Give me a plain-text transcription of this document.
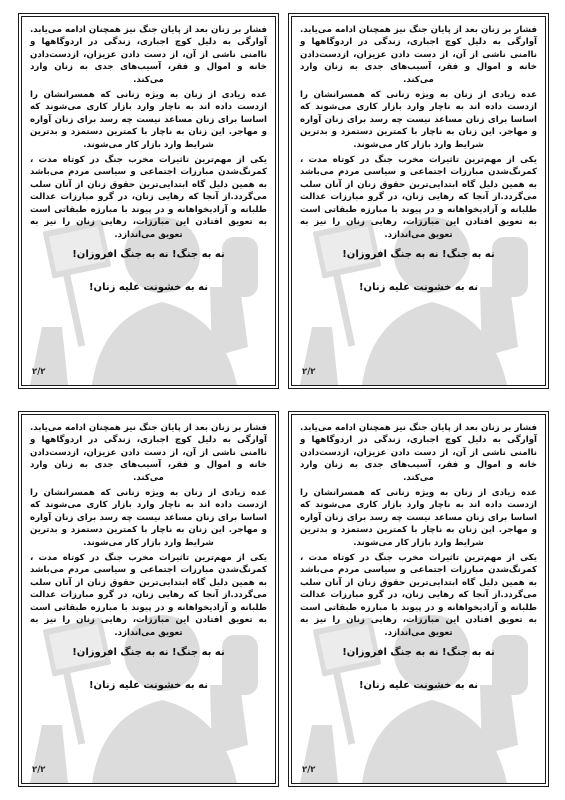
فشار بر زنان بعد از پایان جنگ نیز همچنان ادامه می‌یابد. آوارگی به دلیل کوچ اجباری، زندگی در اردوگاهها و ناامنی ناشی از آن، از دست دادن عزیزان، ازدست‌دادن خانه و اموال و فقر، آسیب‌های جدی به زنان وارد می‌کند.

عده زیادی از زنان به ویژه زنانی که همسرانشان را ازدست داده اند به ناچار وارد بازار کاری می‌شوند که اساسا برای زنان مساعد نیست چه رسد برای زنان آواره و مهاجر. این زنان به ناچار با کمترین دستمزد و بدترین شرایط وارد بازار کار می‌شوند.

یکی از مهم‌ترین تاثیرات مخرب جنگ در کوتاه مدت ، کمرنگ‌شدن مبارزات اجتماعی و سیاسی مردم می‌باشد به همین دلیل گاه ابتدایی‌ترین حقوق زنان از آنان سلب می‌گردد.از آنجا که رهایی زنان، در گرو مبارزات عدالت طلبانه و آزادیخواهانه و در پیوند با مبارزه طبقاتی است به تعویق افتادن این مبارزات، رهایی زنان را نیز به تعویق می‌اندازد.

نه به جنگ! نه به جنگ افروزان!
نه به خشونت علیه زنان!
۲/۲

فشار بر زنان بعد از پایان جنگ نیز همچنان ادامه می‌یابد. آوارگی به دلیل کوچ اجباری، زندگی در اردوگاهها و ناامنی ناشی از آن، از دست دادن عزیزان، ازدست‌دادن خانه و اموال و فقر، آسیب‌های جدی به زنان وارد می‌کند.

عده زیادی از زنان به ویژه زنانی که همسرانشان را ازدست داده اند به ناچار وارد بازار کاری می‌شوند که اساسا برای زنان مساعد نیست چه رسد برای زنان آواره و مهاجر. این زنان به ناچار با کمترین دستمزد و بدترین شرایط وارد بازار کار می‌شوند.

یکی از مهم‌ترین تاثیرات مخرب جنگ در کوتاه مدت ، کمرنگ‌شدن مبارزات اجتماعی و سیاسی مردم می‌باشد به همین دلیل گاه ابتدایی‌ترین حقوق زنان از آنان سلب می‌گردد.از آنجا که رهایی زنان، در گرو مبارزات عدالت طلبانه و آزادیخواهانه و در پیوند با مبارزه طبقاتی است به تعویق افتادن این مبارزات، رهایی زنان را نیز به تعویق می‌اندازد.

نه به جنگ! نه به جنگ افروزان!
نه به خشونت علیه زنان!
۲/۲

فشار بر زنان بعد از پایان جنگ نیز همچنان ادامه می‌یابد. آوارگی به دلیل کوچ اجباری، زندگی در اردوگاهها و ناامنی ناشی از آن، از دست دادن عزیزان، ازدست‌دادن خانه و اموال و فقر، آسیب‌های جدی به زنان وارد می‌کند.

عده زیادی از زنان به ویژه زنانی که همسرانشان را ازدست داده اند به ناچار وارد بازار کاری می‌شوند که اساسا برای زنان مساعد نیست چه رسد برای زنان آواره و مهاجر. این زنان به ناچار با کمترین دستمزد و بدترین شرایط وارد بازار کار می‌شوند.

یکی از مهم‌ترین تاثیرات مخرب جنگ در کوتاه مدت ، کمرنگ‌شدن مبارزات اجتماعی و سیاسی مردم می‌باشد به همین دلیل گاه ابتدایی‌ترین حقوق زنان از آنان سلب می‌گردد.از آنجا که رهایی زنان، در گرو مبارزات عدالت طلبانه و آزادیخواهانه و در پیوند با مبارزه طبقاتی است به تعویق افتادن این مبارزات، رهایی زنان را نیز به تعویق می‌اندازد.

نه به جنگ! نه به جنگ افروزان!
نه به خشونت علیه زنان!
۲/۲

فشار بر زنان بعد از پایان جنگ نیز همچنان ادامه می‌یابد. آوارگی به دلیل کوچ اجباری، زندگی در اردوگاهها و ناامنی ناشی از آن، از دست دادن عزیزان، ازدست‌دادن خانه و اموال و فقر، آسیب‌های جدی به زنان وارد می‌کند.

عده زیادی از زنان به ویژه زنانی که همسرانشان را ازدست داده اند به ناچار وارد بازار کاری می‌شوند که اساسا برای زنان مساعد نیست چه رسد برای زنان آواره و مهاجر. این زنان به ناچار با کمترین دستمزد و بدترین شرایط وارد بازار کار می‌شوند.

یکی از مهم‌ترین تاثیرات مخرب جنگ در کوتاه مدت ، کمرنگ‌شدن مبارزات اجتماعی و سیاسی مردم می‌باشد به همین دلیل گاه ابتدایی‌ترین حقوق زنان از آنان سلب می‌گردد.از آنجا که رهایی زنان، در گرو مبارزات عدالت طلبانه و آزادیخواهانه و در پیوند با مبارزه طبقاتی است به تعویق افتادن این مبارزات، رهایی زنان را نیز به تعویق می‌اندازد.

نه به جنگ! نه به جنگ افروزان!
نه به خشونت علیه زنان!
۲/۲
